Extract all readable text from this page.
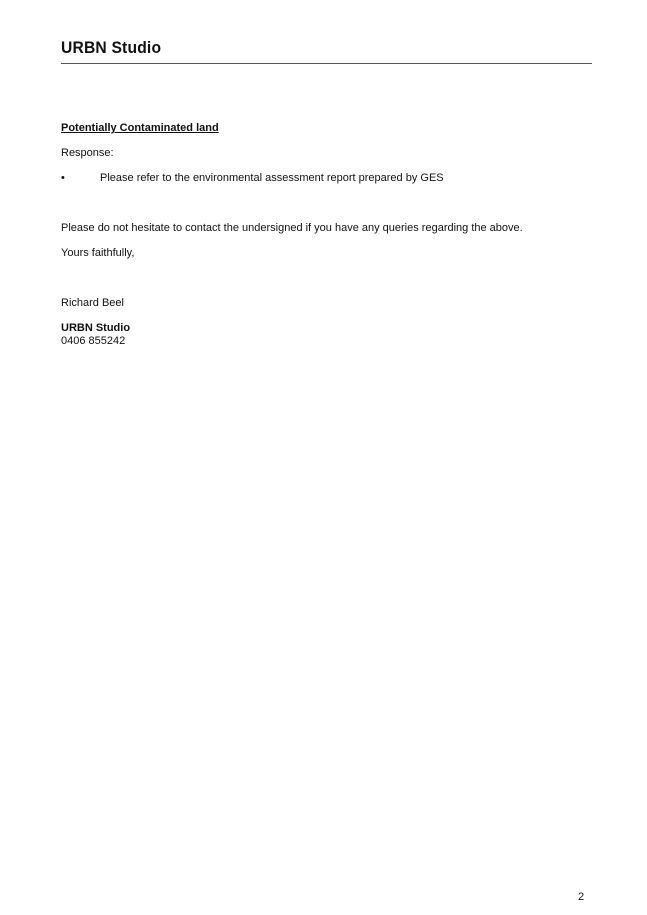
URBN Studio
Potentially Contaminated land
Response:
•	Please refer to the environmental assessment report prepared by GES
Please do not hesitate to contact the undersigned if you have any queries regarding the above.
Yours faithfully,
Richard Beel
URBN Studio
0406 855242
2
